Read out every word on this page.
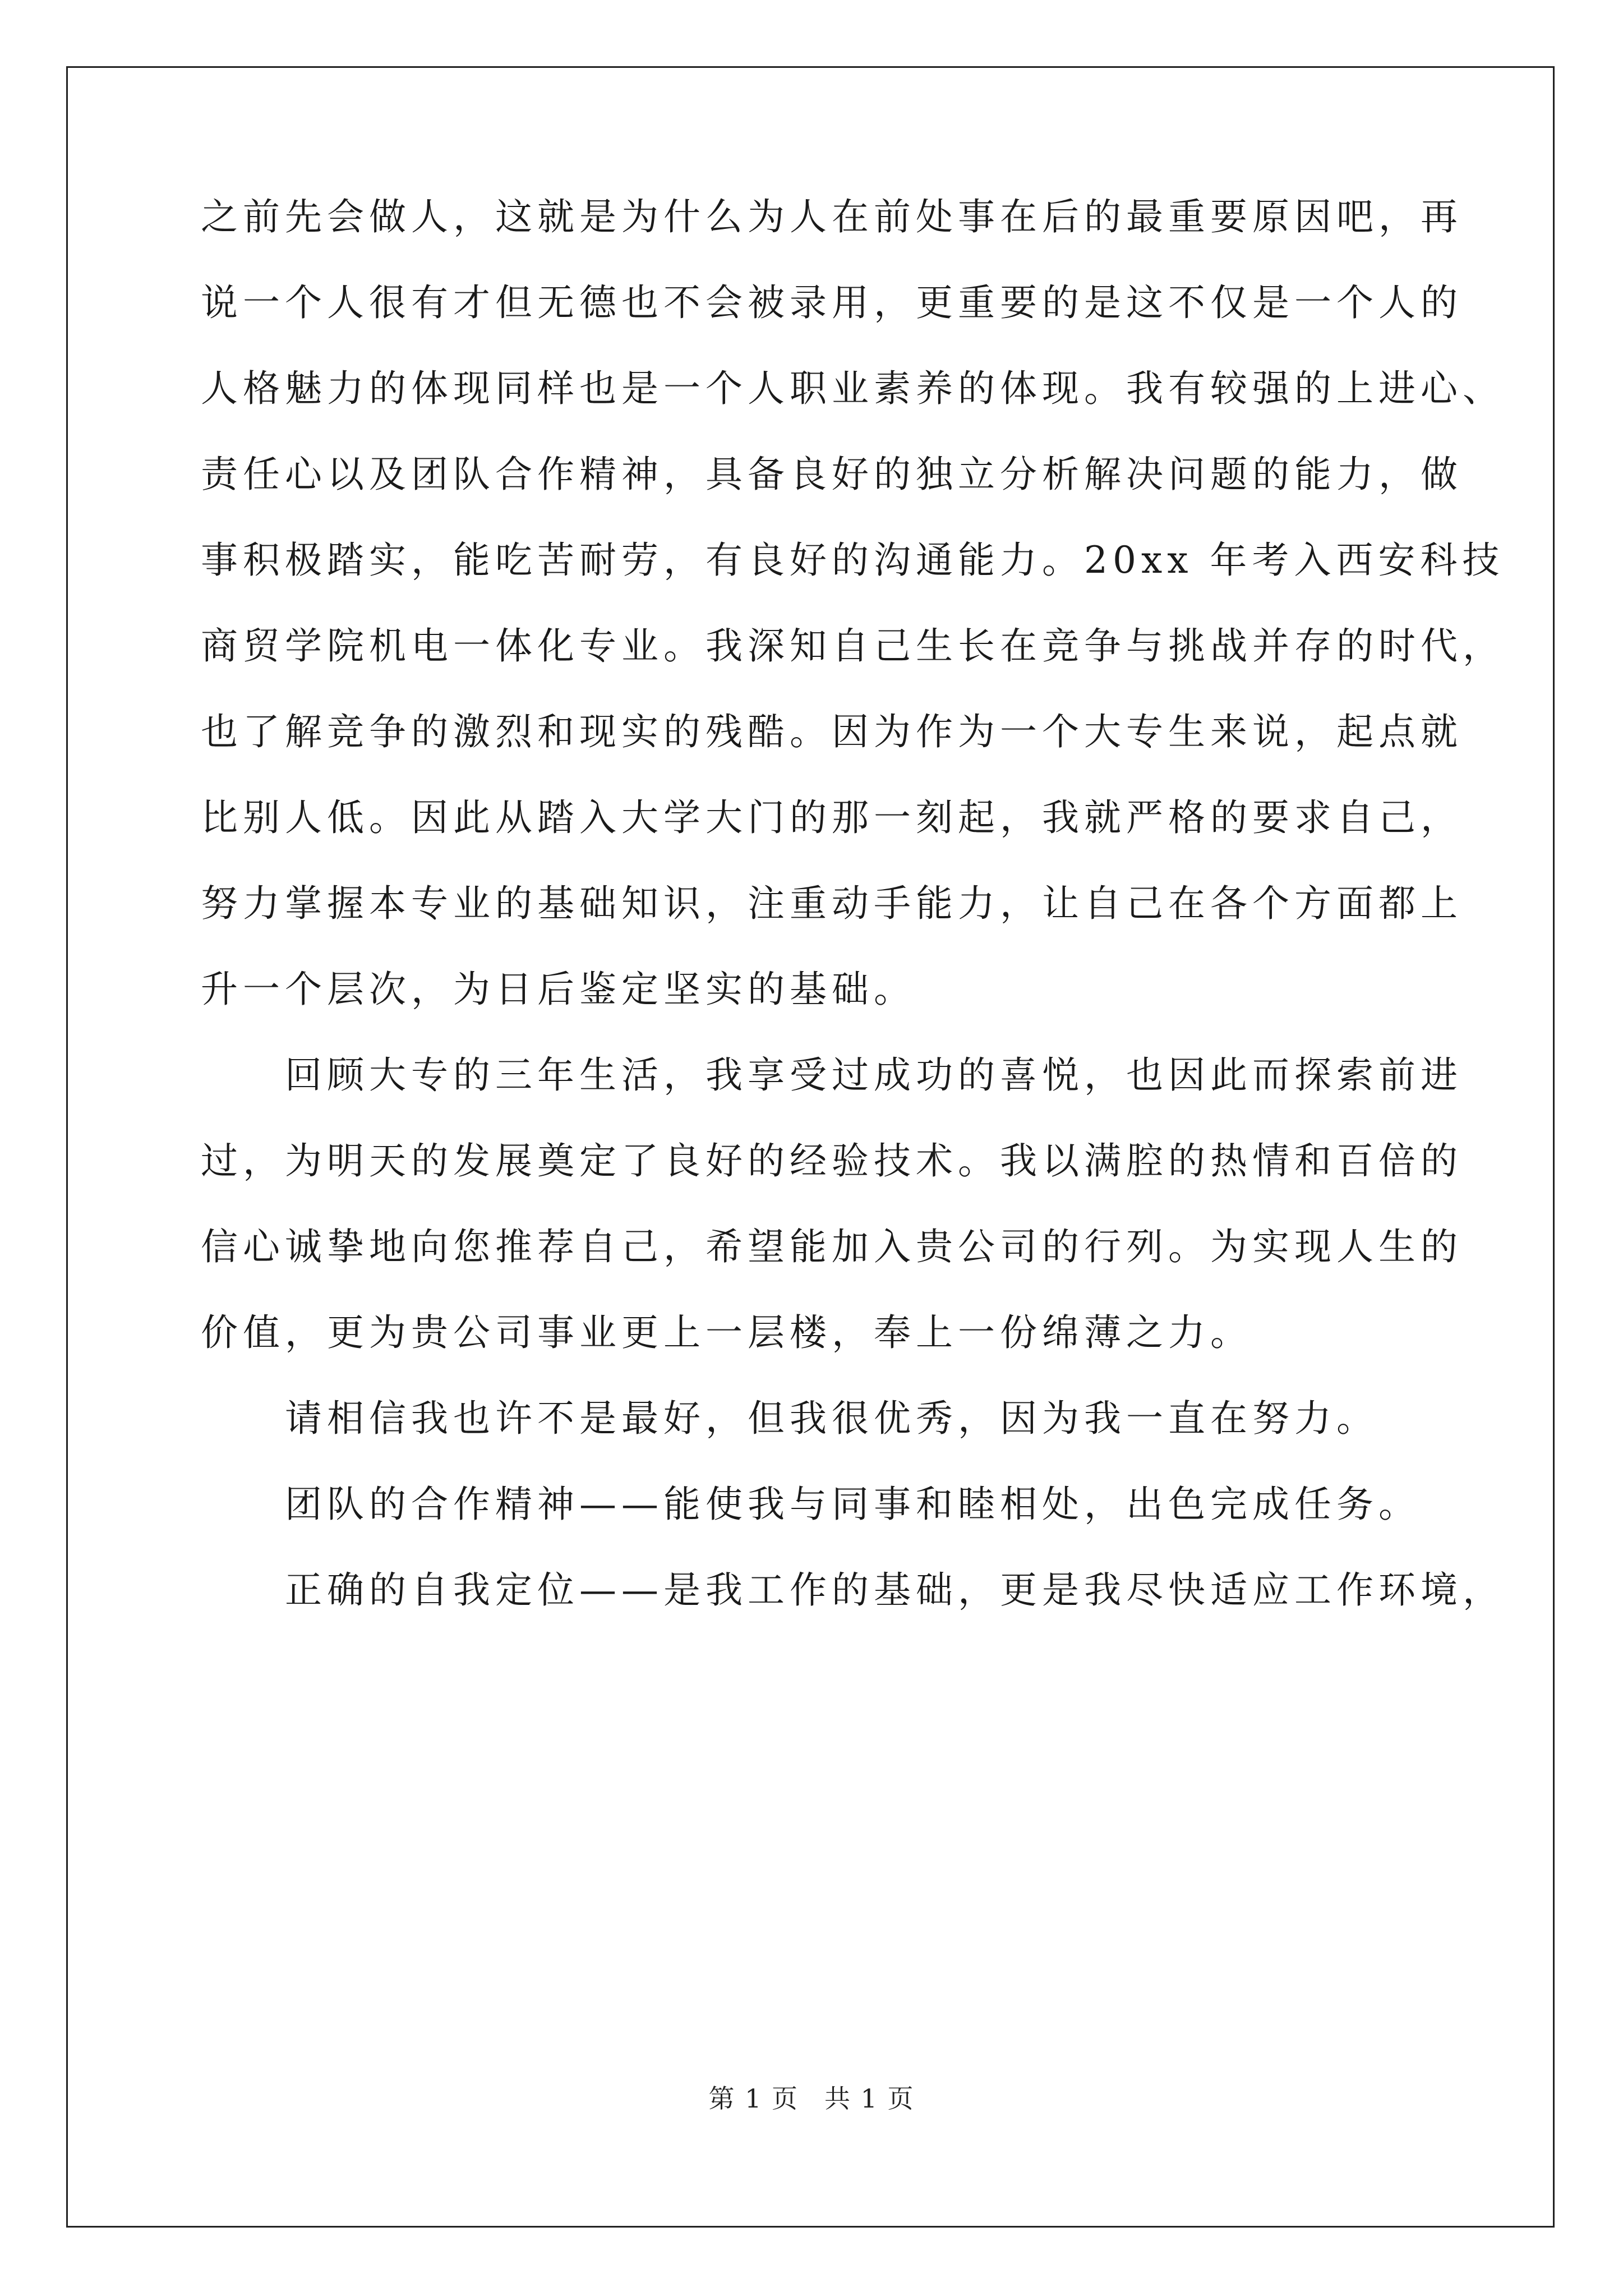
之前先会做人，这就是为什么为人在前处事在后的最重要原因吧，再
说一个人很有才但无德也不会被录用，更重要的是这不仅是一个人的
人格魅力的体现同样也是一个人职业素养的体现。我有较强的上进心、
责任心以及团队合作精神，具备良好的独立分析解决问题的能力，做
事积极踏实，能吃苦耐劳，有良好的沟通能力。20xx 年考入西安科技
商贸学院机电一体化专业。我深知自己生长在竞争与挑战并存的时代，
也了解竞争的激烈和现实的残酷。因为作为一个大专生来说，起点就
比别人低。因此从踏入大学大门的那一刻起，我就严格的要求自己，
努力掌握本专业的基础知识，注重动手能力，让自己在各个方面都上
升一个层次，为日后鉴定坚实的基础。
回顾大专的三年生活，我享受过成功的喜悦，也因此而探索前进
过，为明天的发展奠定了良好的经验技术。我以满腔的热情和百倍的
信心诚挚地向您推荐自己，希望能加入贵公司的行列。为实现人生的
价值，更为贵公司事业更上一层楼，奉上一份绵薄之力。
请相信我也许不是最好，但我很优秀，因为我一直在努力。
团队的合作精神——能使我与同事和睦相处，出色完成任务。
正确的自我定位——是我工作的基础，更是我尽快适应工作环境，
第 1 页 共 1 页
